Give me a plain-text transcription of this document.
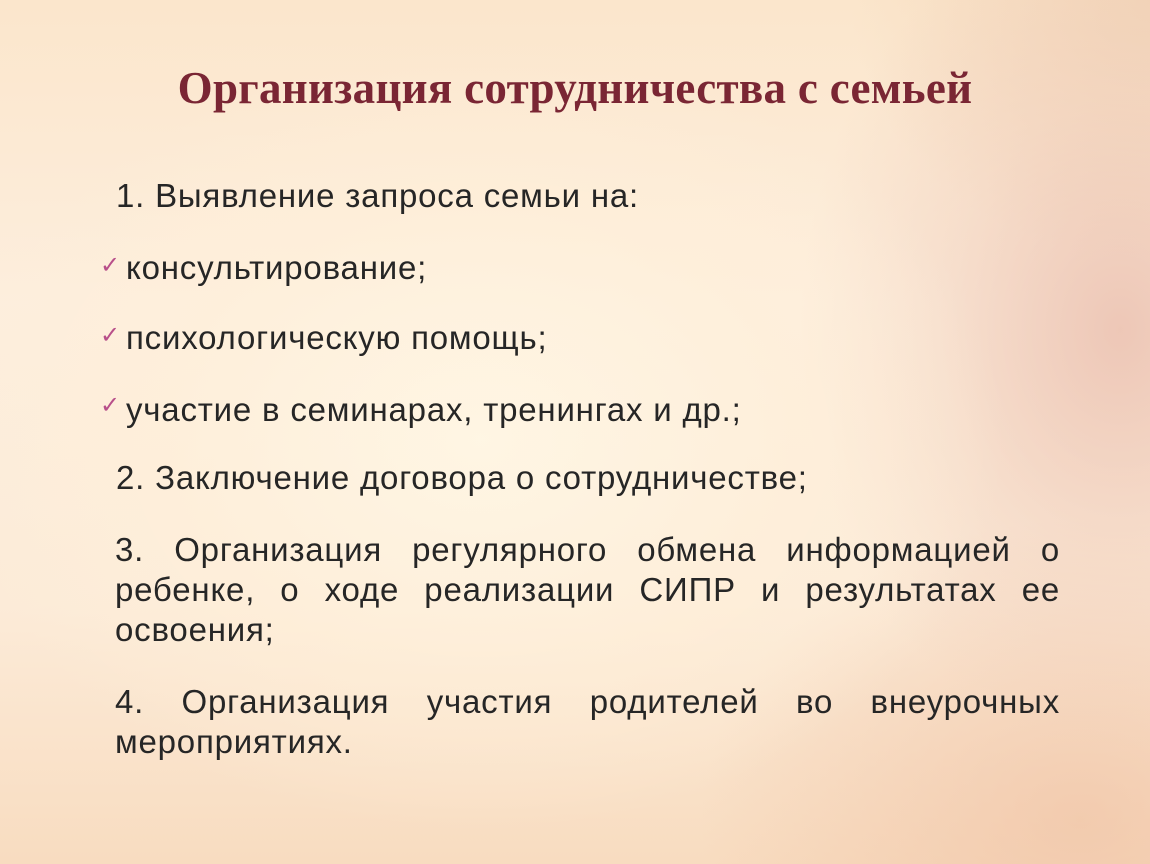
Организация сотрудничества с семьей
1. Выявление запроса семьи на:
✓ консультирование;
✓ психологическую помощь;
✓ участие в семинарах, тренингах и др.;
2. Заключение договора о сотрудничестве;
3. Организация регулярного обмена информацией о ребенке, о ходе реализации СИПР и результатах ее освоения;
4. Организация участия родителей во внеурочных мероприятиях.
